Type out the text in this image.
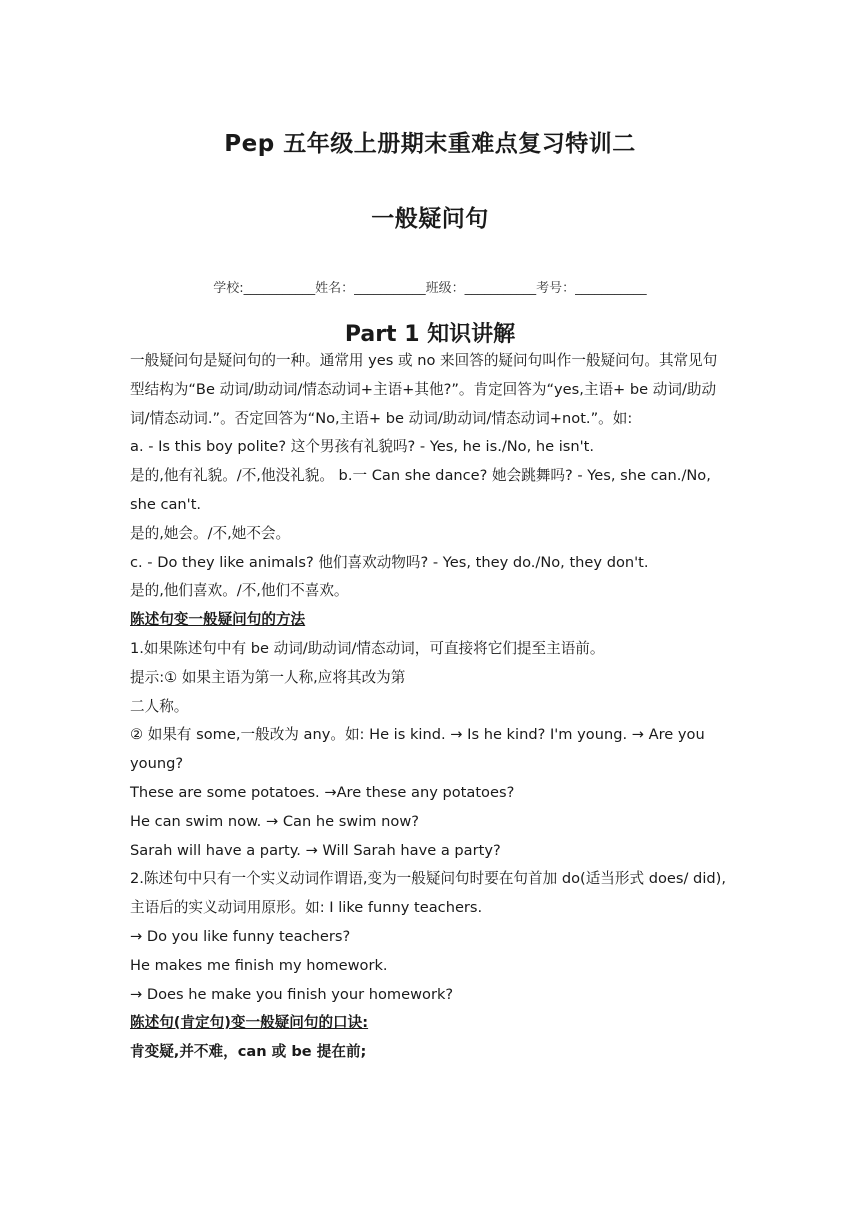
Pep 五年级上册期末重难点复习特训二
一般疑问句
学校:___________姓名：___________班级：___________考号：___________
Part 1 知识讲解

一般疑问句是疑问句的一种。通常用 yes 或 no 来回答的疑问句叫作一般疑问句。其常见句型结构为“Be 动词/助动词/情态动词+主语+其他?”。肯定回答为“yes,主语+ be 动词/助动词/情态动词.”。否定回答为“No,主语+ be 动词/助动词/情态动词+not.”。如:

a. - Is this boy polite? 这个男孩有礼貌吗? - Yes, he is./No, he isn't.

是的,他有礼貌。/不,他没礼貌。 b.一 Can she dance? 她会跳舞吗? - Yes, she can./No, she can't.

是的,她会。/不,她不会。

c. - Do they like animals? 他们喜欢动物吗? - Yes, they do./No, they don't.

是的,他们喜欢。/不,他们不喜欢。

陈述句变一般疑问句的方法

1.如果陈述句中有 be 动词/助动词/情态动词，可直接将它们提至主语前。

提示:① 如果主语为第一人称,应将其改为第

二人称。

② 如果有 some,一般改为 any。如: He is kind. → Is he kind? I'm young. → Are you young?

These are some potatoes. →Are these any potatoes?

He can swim now. → Can he swim now?

Sarah will have a party. → Will Sarah have a party?

2.陈述句中只有一个实义动词作谓语,变为一般疑问句时要在句首加 do(适当形式 does/ did),主语后的实义动词用原形。如: I like funny teachers.

→ Do you like funny teachers?

He makes me finish my homework.

→ Does he make you finish your homework?

陈述句(肯定句)变一般疑问句的口诀:

肯变疑,并不难，can 或 be 提在前;
